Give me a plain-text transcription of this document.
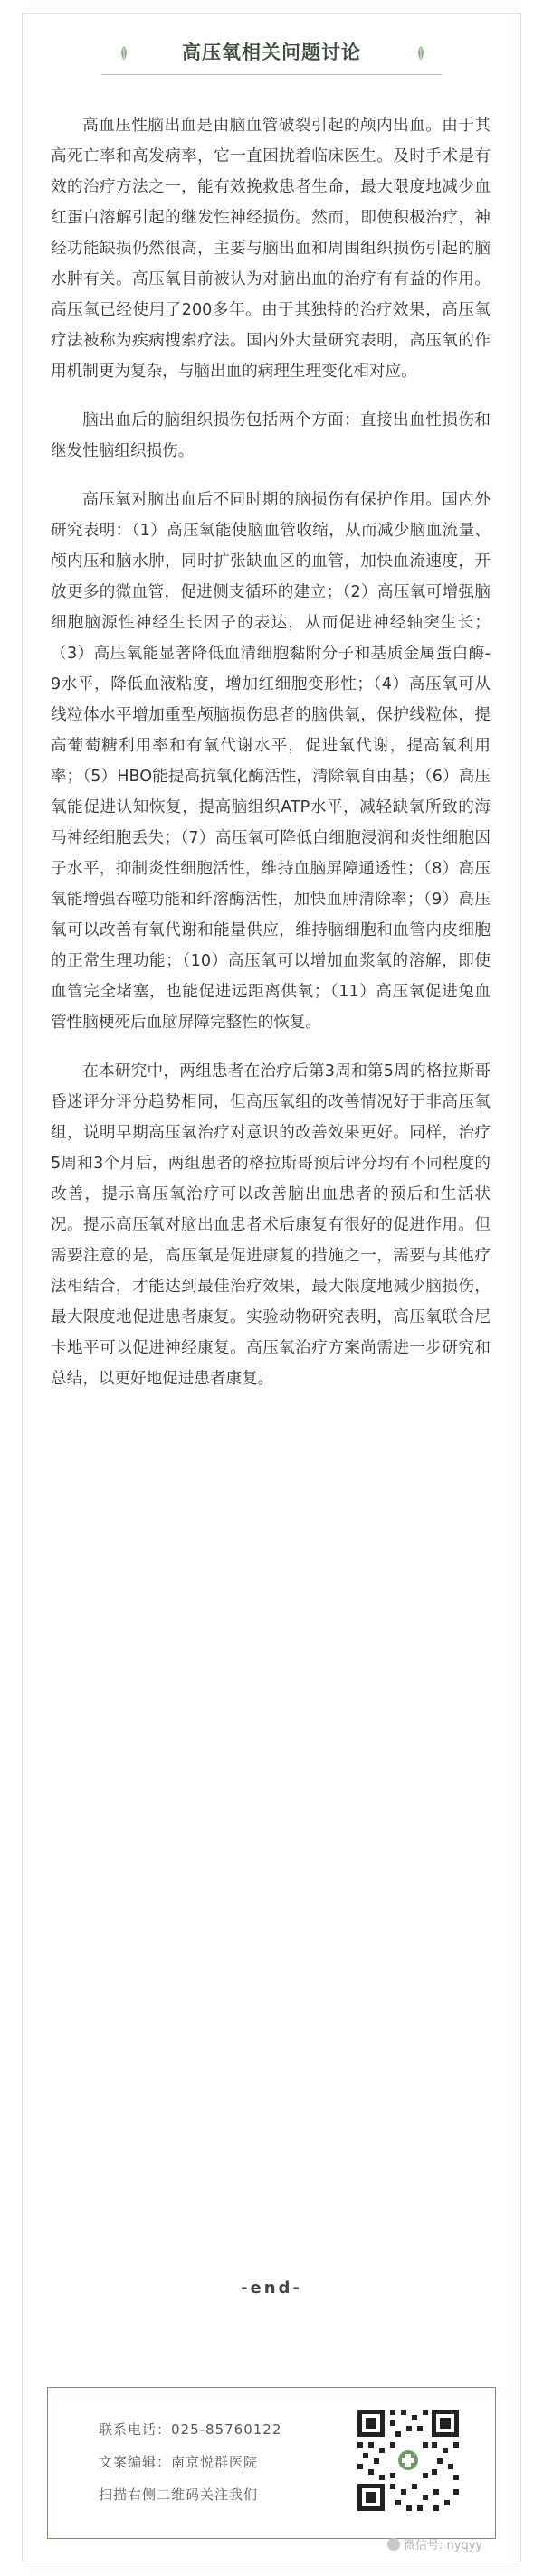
高压氧相关问题讨论

高血压性脑出血是由脑血管破裂引起的颅内出血。由于其高死亡率和高发病率，它一直困扰着临床医生。及时手术是有效的治疗方法之一，能有效挽救患者生命，最大限度地减少血红蛋白溶解引起的继发性神经损伤。然而，即使积极治疗，神经功能缺损仍然很高，主要与脑出血和周围组织损伤引起的脑水肿有关。高压氧目前被认为对脑出血的治疗有有益的作用。高压氧已经使用了200多年。由于其独特的治疗效果，高压氧疗法被称为疾病搜索疗法。国内外大量研究表明，高压氧的作用机制更为复杂，与脑出血的病理生理变化相对应。

脑出血后的脑组织损伤包括两个方面：直接出血性损伤和继发性脑组织损伤。

高压氧对脑出血后不同时期的脑损伤有保护作用。国内外研究表明：（1）高压氧能使脑血管收缩，从而减少脑血流量、颅内压和脑水肿，同时扩张缺血区的血管，加快血流速度，开放更多的微血管，促进侧支循环的建立；（2）高压氧可增强脑细胞脑源性神经生长因子的表达，从而促进神经轴突生长；（3）高压氧能显著降低血清细胞黏附分子和基质金属蛋白酶-9水平，降低血液粘度，增加红细胞变形性；（4）高压氧可从线粒体水平增加重型颅脑损伤患者的脑供氧，保护线粒体，提高葡萄糖利用率和有氧代谢水平，促进氧代谢，提高氧利用率；（5）HBO能提高抗氧化酶活性，清除氧自由基；（6）高压氧能促进认知恢复，提高脑组织ATP水平，减轻缺氧所致的海马神经细胞丢失；（7）高压氧可降低白细胞浸润和炎性细胞因子水平，抑制炎性细胞活性，维持血脑屏障通透性；（8）高压氧能增强吞噬功能和纤溶酶活性，加快血肿清除率；（9）高压氧可以改善有氧代谢和能量供应，维持脑细胞和血管内皮细胞的正常生理功能；（10）高压氧可以增加血浆氧的溶解，即使血管完全堵塞，也能促进远距离供氧；（11）高压氧促进兔血管性脑梗死后血脑屏障完整性的恢复。

在本研究中，两组患者在治疗后第3周和第5周的格拉斯哥昏迷评分评分趋势相同，但高压氧组的改善情况好于非高压氧组，说明早期高压氧治疗对意识的改善效果更好。同样，治疗5周和3个月后，两组患者的格拉斯哥预后评分均有不同程度的改善，提示高压氧治疗可以改善脑出血患者的预后和生活状况。提示高压氧对脑出血患者术后康复有很好的促进作用。但需要注意的是，高压氧是促进康复的措施之一，需要与其他疗法相结合，才能达到最佳治疗效果，最大限度地减少脑损伤，最大限度地促进患者康复。实验动物研究表明，高压氧联合尼卡地平可以促进神经康复。高压氧治疗方案尚需进一步研究和总结，以更好地促进患者康复。

-end-
联系电话：025-85760122
文案编辑：南京悦群医院
扫描右侧二维码关注我们
微信号: nyqyy
